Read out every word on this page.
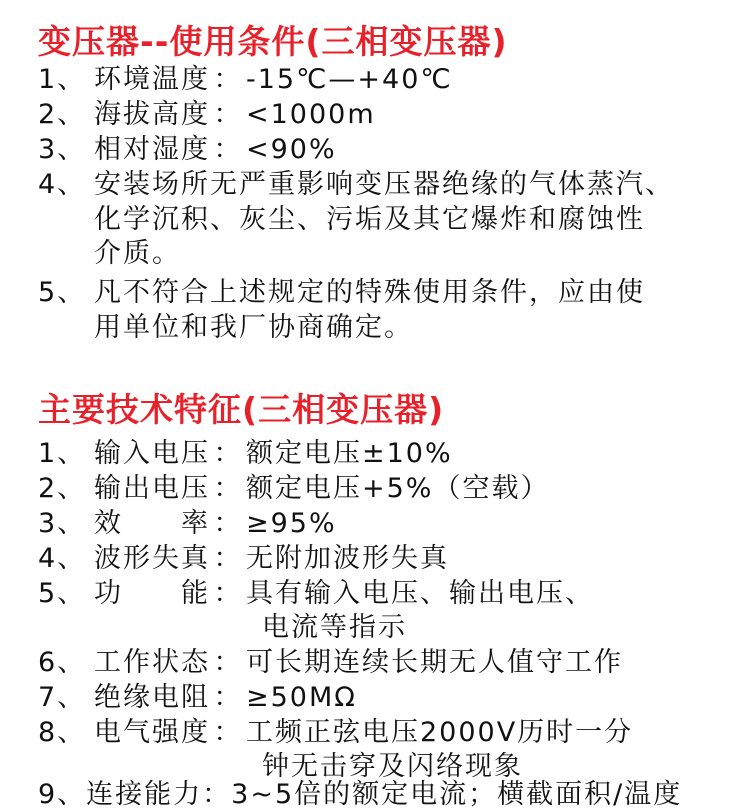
变压器--使用条件(三相变压器)
1、 环境温度 ： -15℃—+40℃
2、 海拔高度 ： <1000m
3、 相对湿度 ： <90%
4、 安装场所无严重影响变压器绝缘的气体蒸汽、
化学沉积、灰尘、污垢及其它爆炸和腐蚀性
介质。
5、 凡不符合上述规定的特殊使用条件，应由使
用单位和我厂协商确定。
主要技术特征(三相变压器)
1、 输入电压 ： 额定电压±10%
2、 输出电压 ： 额定电压+5%（空载）
3、 效　　率 ： ≥95%
4、 波形失真 ： 无附加波形失真
5、 功　　能 ： 具有输入电压、输出电压、
电流等指示
6、 工作状态 ： 可长期连续长期无人值守工作
7、 绝缘电阻 ： ≥50MΩ
8、 电气强度 ： 工频正弦电压2000V历时一分
钟无击穿及闪络现象
9、连接能力：3~5倍的额定电流；横截面积/温度
